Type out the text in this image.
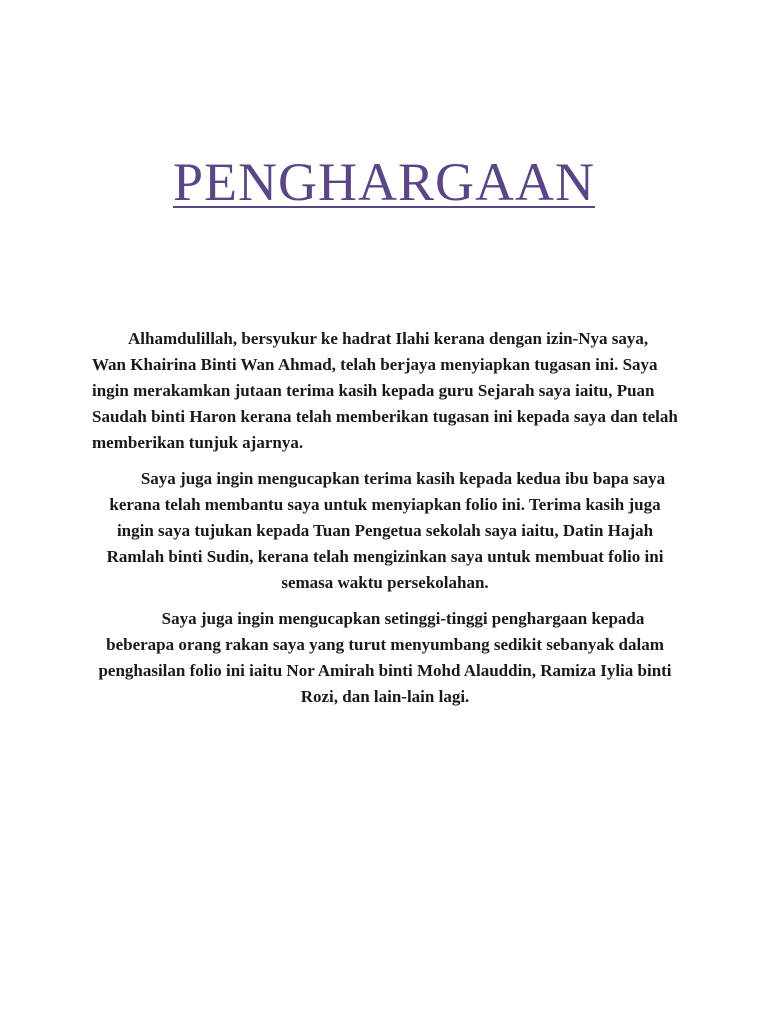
PENGHARGAAN

Alhamdulillah, bersyukur ke hadrat Ilahi kerana dengan izin-Nya saya, Wan Khairina Binti Wan Ahmad, telah berjaya menyiapkan tugasan ini. Saya ingin merakamkan jutaan terima kasih kepada guru Sejarah saya iaitu, Puan Saudah binti Haron kerana telah memberikan tugasan ini kepada saya dan telah memberikan tunjuk ajarnya.

Saya juga ingin mengucapkan terima kasih kepada kedua ibu bapa saya kerana telah membantu saya untuk menyiapkan folio ini. Terima kasih juga ingin saya tujukan kepada Tuan Pengetua sekolah saya iaitu, Datin Hajah Ramlah binti Sudin, kerana telah mengizinkan saya untuk membuat folio ini semasa waktu persekolahan.

Saya juga ingin mengucapkan setinggi-tinggi penghargaan kepada beberapa orang rakan saya yang turut menyumbang sedikit sebanyak dalam penghasilan folio ini iaitu Nor Amirah binti Mohd Alauddin, Ramiza Iylia binti Rozi, dan lain-lain lagi.
